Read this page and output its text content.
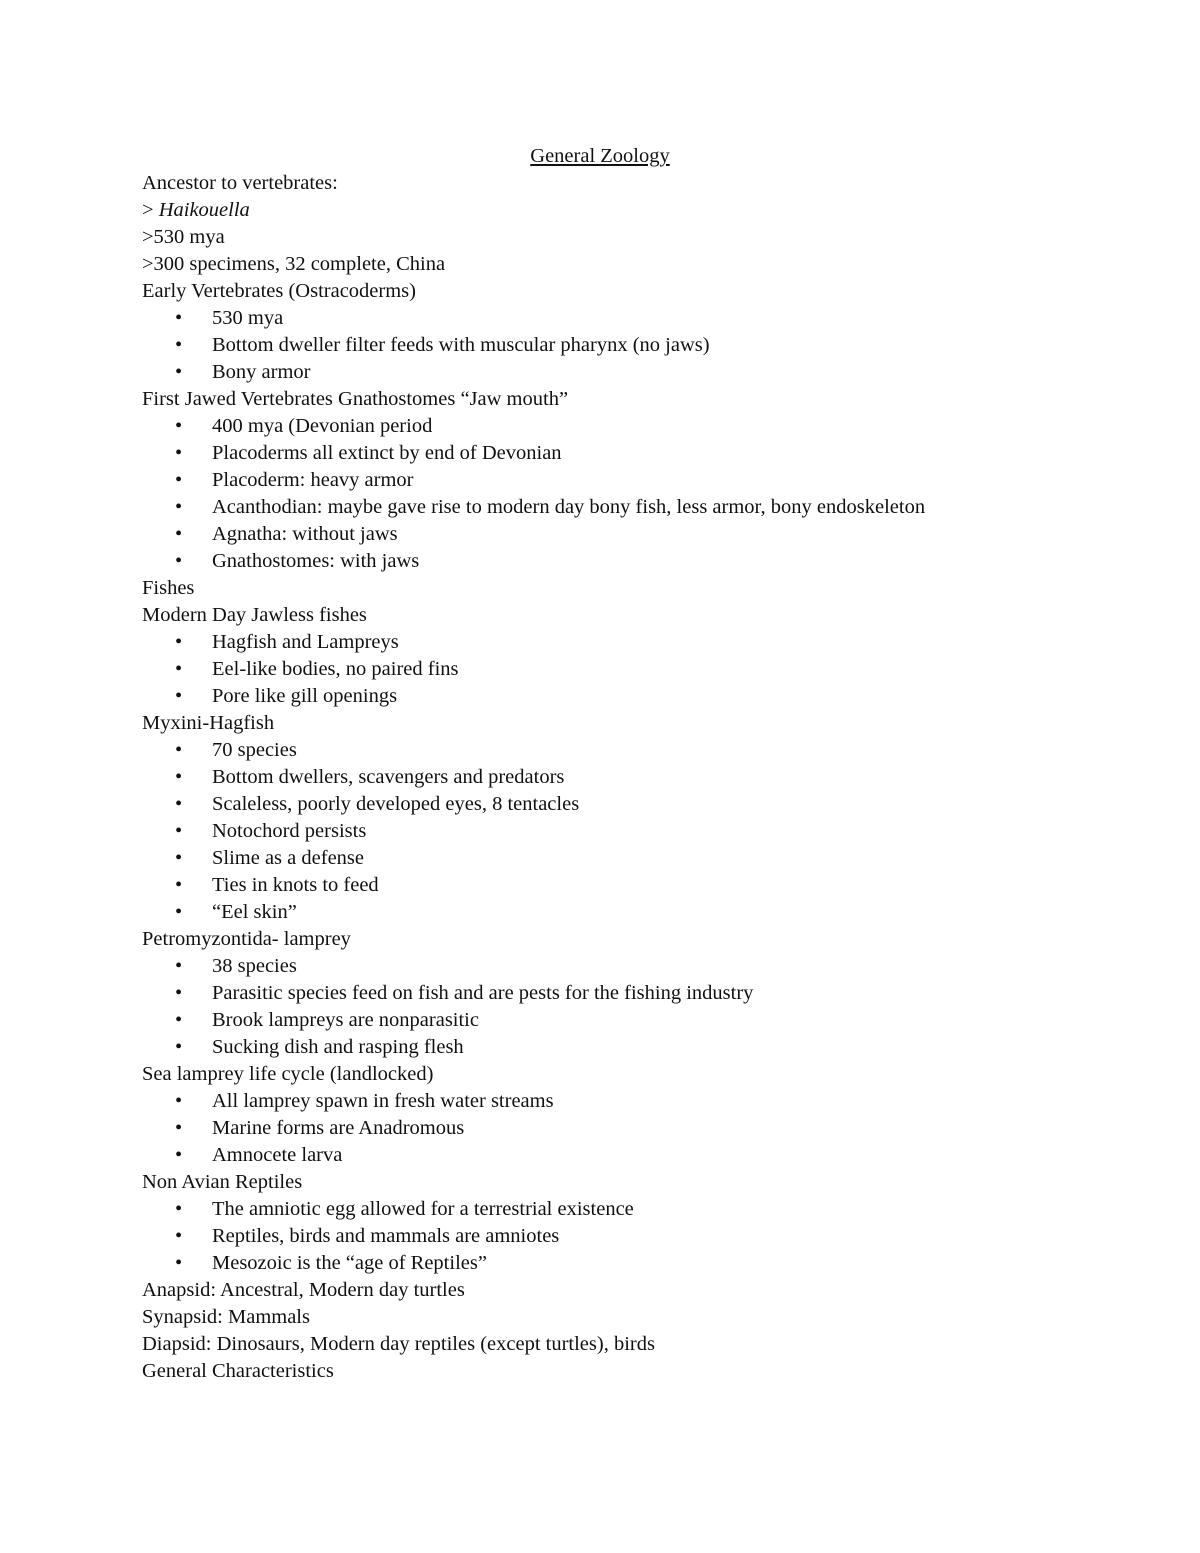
General Zoology
Ancestor to vertebrates:
> Haikouella
>530 mya
>300 specimens, 32 complete, China
Early Vertebrates (Ostracoderms)
• 530 mya
• Bottom dweller filter feeds with muscular pharynx (no jaws)
• Bony armor
First Jawed Vertebrates Gnathostomes “Jaw mouth”
• 400 mya (Devonian period
• Placoderms all extinct by end of Devonian
• Placoderm: heavy armor
• Acanthodian: maybe gave rise to modern day bony fish, less armor, bony endoskeleton
• Agnatha: without jaws
• Gnathostomes: with jaws
Fishes
Modern Day Jawless fishes
• Hagfish and Lampreys
• Eel-like bodies, no paired fins
• Pore like gill openings
Myxini-Hagfish
• 70 species
• Bottom dwellers, scavengers and predators
• Scaleless, poorly developed eyes, 8 tentacles
• Notochord persists
• Slime as a defense
• Ties in knots to feed
• “Eel skin”
Petromyzontida- lamprey
• 38 species
• Parasitic species feed on fish and are pests for the fishing industry
• Brook lampreys are nonparasitic
• Sucking dish and rasping flesh
Sea lamprey life cycle (landlocked)
• All lamprey spawn in fresh water streams
• Marine forms are Anadromous
• Amnocete larva
Non Avian Reptiles
• The amniotic egg allowed for a terrestrial existence
• Reptiles, birds and mammals are amniotes
• Mesozoic is the “age of Reptiles”
Anapsid: Ancestral, Modern day turtles
Synapsid: Mammals
Diapsid: Dinosaurs, Modern day reptiles (except turtles), birds
General Characteristics
